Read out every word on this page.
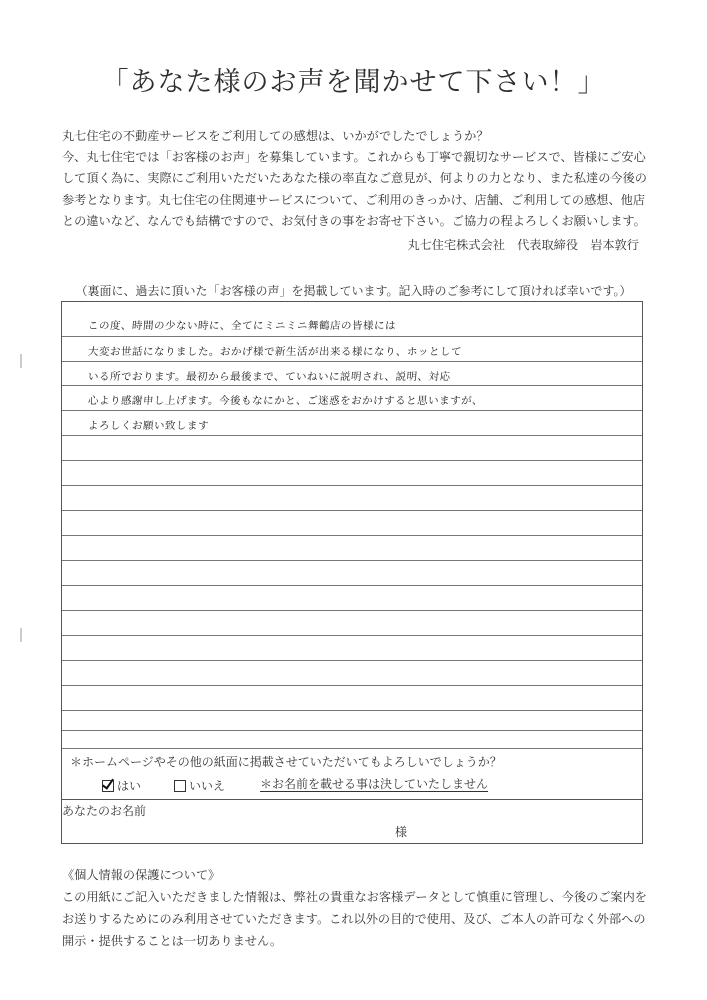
「あなた様のお声を聞かせて下さい！」

丸七住宅の不動産サービスをご利用しての感想は、いかがでしたでしょうか？

今、丸七住宅では「お客様のお声」を募集しています。これからも丁寧で親切なサービスで、皆様にご安心

して頂く為に、実際にご利用いただいたあなた様の率直なご意見が、何よりの力となり、また私達の今後の

参考となります。丸七住宅の住関連サービスについて、ご利用のきっかけ、店舗、ご利用しての感想、他店

との違いなど、なんでも結構ですので、お気付きの事をお寄せ下さい。ご協力の程よろしくお願いします。

丸七住宅株式会社　代表取締役　岩本敦行
（裏面に、過去に頂いた「お客様の声」を掲載しています。記入時のご参考にして頂ければ幸いです。）
この度、時間の少ない時に、全てにミニミニ舞鶴店の皆様には
大変お世話になりました。おかげ様で新生活が出来る様になり、ホッとして
いる所でおります。最初から最後まで、ていねいに説明され、説明、対応
心より感謝申し上げます。今後もなにかと、ご迷惑をおかけすると思いますが、
よろしくお願い致します
＊ホームページやその他の紙面に掲載させていただいてもよろしいでしょうか？
はい	いいえ	＊お名前を載せる事は決していたしません
あなたのお名前
様
《個人情報の保護について》

この用紙にご記入いただきました情報は、弊社の貴重なお客様データとして慎重に管理し、今後のご案内を

お送りするためにのみ利用させていただきます。これ以外の目的で使用、及び、ご本人の許可なく外部への

開示・提供することは一切ありません。
